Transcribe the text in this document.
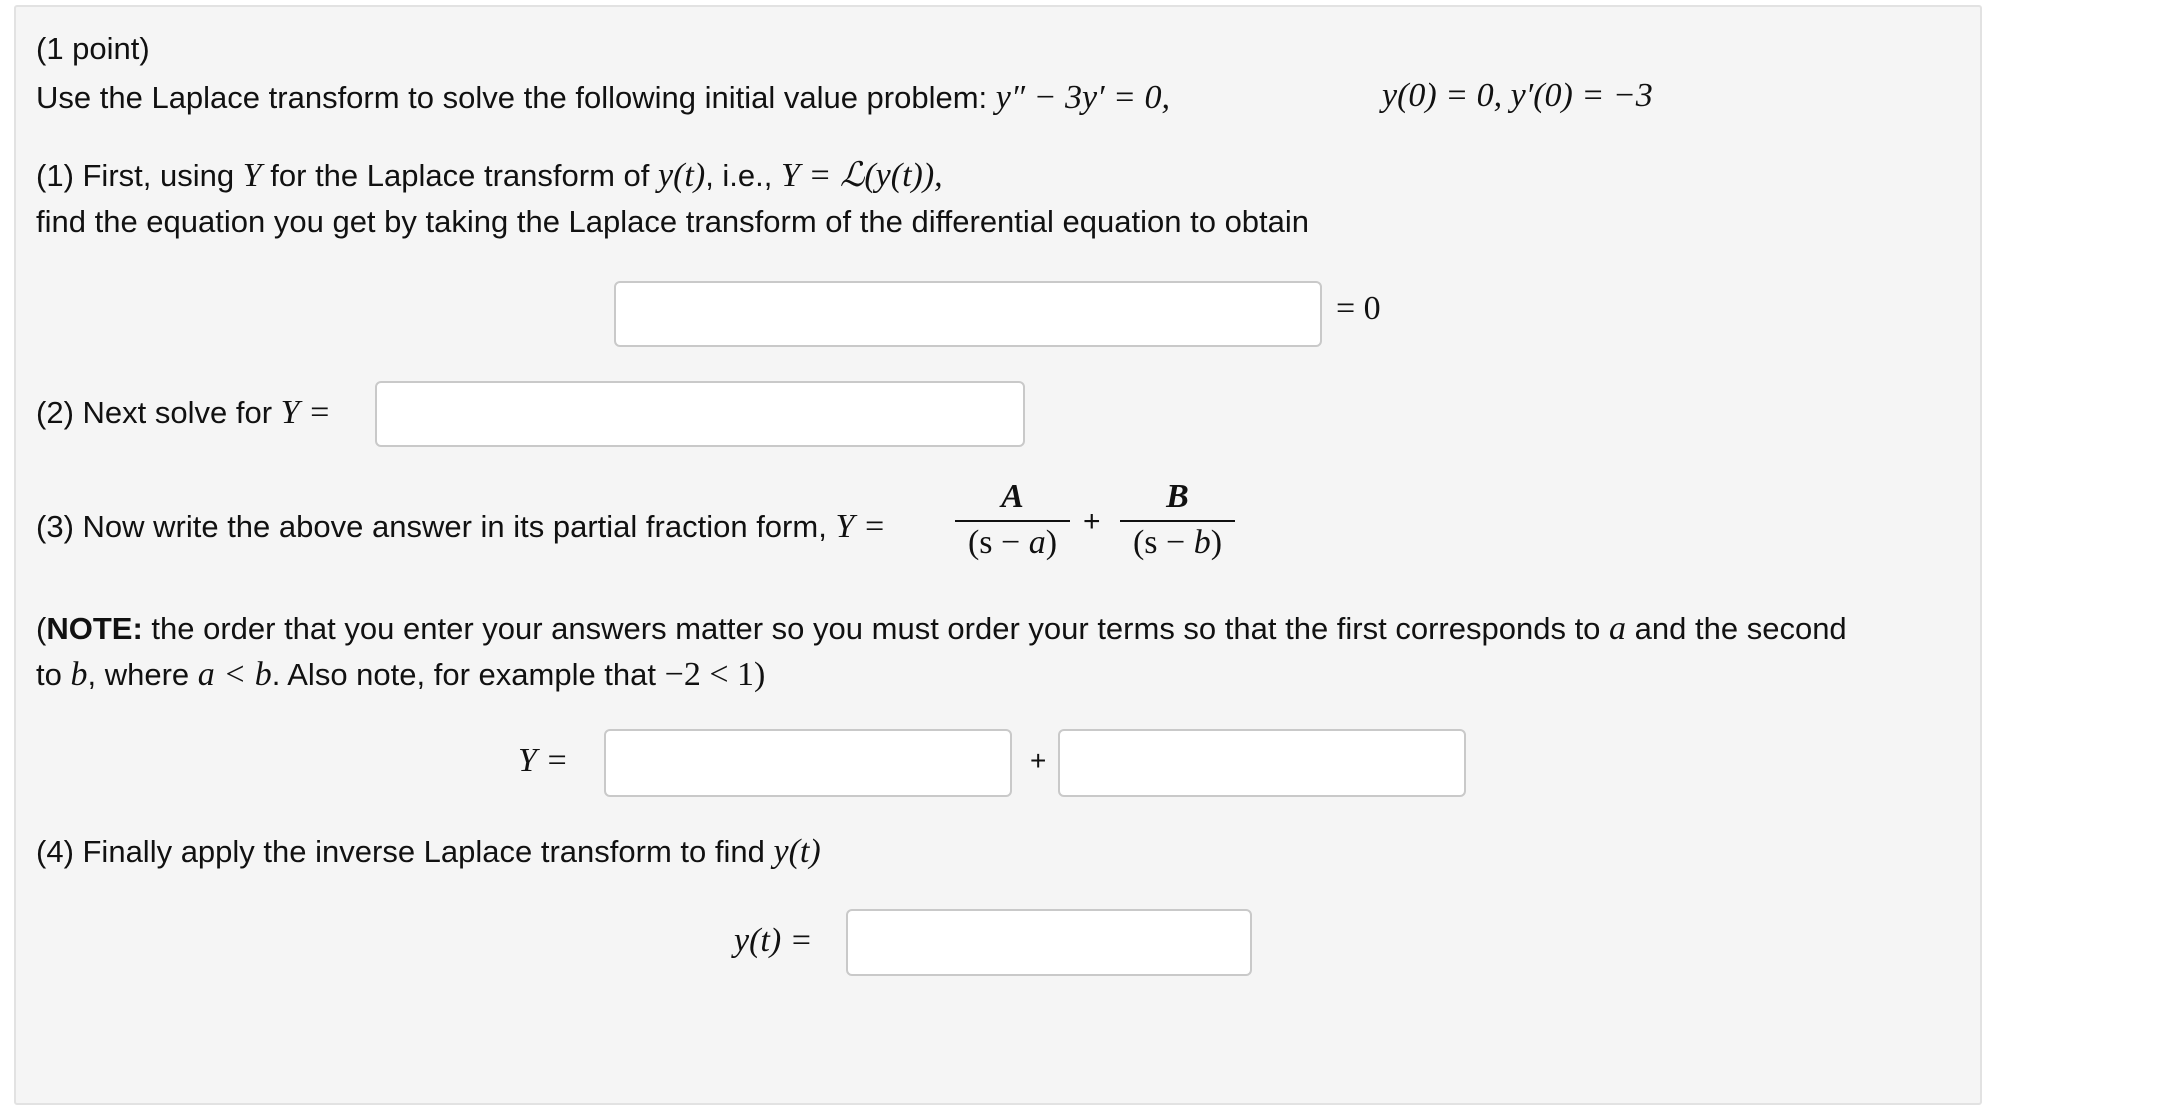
(1 point)
Use the Laplace transform to solve the following initial value problem: y″ − 3y′ = 0,	y(0) = 0, y′(0) = −3
(1) First, using Y for the Laplace transform of y(t), i.e., Y = ℒ(y(t)),
find the equation you get by taking the Laplace transform of the differential equation to obtain
= 0
(2) Next solve for Y =
(3) Now write the above answer in its partial fraction form, $Y = \frac{A}{(s - a)} + \frac{B}{(s - b)}$
(NOTE: the order that you enter your answers matter so you must order your terms so that the first corresponds to a and the second
to b, where a < b. Also note, for example that −2 < 1)
Y =	+
(4) Finally apply the inverse Laplace transform to find y(t)
y(t) =
